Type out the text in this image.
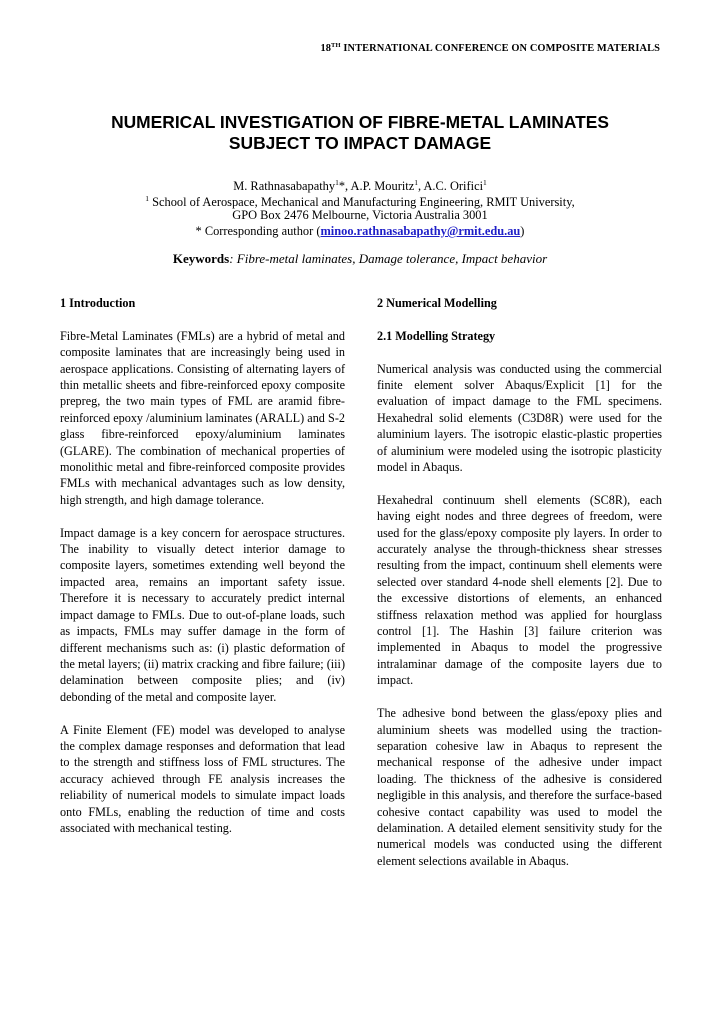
18TH INTERNATIONAL CONFERENCE ON COMPOSITE MATERIALS
NUMERICAL INVESTIGATION OF FIBRE-METAL LAMINATES
SUBJECT TO IMPACT DAMAGE
M. Rathnasabapathy$^1$*, A.P. Mouritz$^1$, A.C. Orifici$^1$
$^1$ School of Aerospace, Mechanical and Manufacturing Engineering, RMIT University,
GPO Box 2476 Melbourne, Victoria Australia 3001
* Corresponding author (minoo.rathnasabapathy@rmit.edu.au)
Keywords: Fibre-metal laminates, Damage tolerance, Impact behavior
1 Introduction

Fibre-Metal Laminates (FMLs) are a hybrid of metal and composite laminates that are increasingly being used in aerospace applications. Consisting of alternating layers of thin metallic sheets and fibre-reinforced epoxy composite prepreg, the two main types of FML are aramid fibre-reinforced epoxy /aluminium laminates (ARALL) and S-2 glass fibre-reinforced epoxy/aluminium laminates (GLARE). The combination of mechanical properties of monolithic metal and fibre-reinforced composite provides FMLs with mechanical advantages such as low density, high strength, and high damage tolerance.

Impact damage is a key concern for aerospace structures. The inability to visually detect interior damage to composite layers, sometimes extending well beyond the impacted area, remains an important safety issue. Therefore it is necessary to accurately predict internal impact damage to FMLs. Due to out-of-plane loads, such as impacts, FMLs may suffer damage in the form of different mechanisms such as: (i) plastic deformation of the metal layers; (ii) matrix cracking and fibre failure; (iii) delamination between composite plies; and (iv) debonding of the metal and composite layer.

A Finite Element (FE) model was developed to analyse the complex damage responses and deformation that lead to the strength and stiffness loss of FML structures. The accuracy achieved through FE analysis increases the reliability of numerical models to simulate impact loads onto FMLs, enabling the reduction of time and costs associated with mechanical testing.

2 Numerical Modelling
2.1 Modelling Strategy

Numerical analysis was conducted using the commercial finite element solver Abaqus/Explicit [1] for the evaluation of impact damage to the FML specimens. Hexahedral solid elements (C3D8R) were used for the aluminium layers. The isotropic elastic-plastic properties of aluminium were modeled using the isotropic plasticity model in Abaqus.

Hexahedral continuum shell elements (SC8R), each having eight nodes and three degrees of freedom, were used for the glass/epoxy composite ply layers. In order to accurately analyse the through-thickness shear stresses resulting from the impact, continuum shell elements were selected over standard 4-node shell elements [2]. Due to the excessive distortions of elements, an enhanced stiffness relaxation method was applied for hourglass control [1]. The Hashin [3] failure criterion was implemented in Abaqus to model the progressive intralaminar damage of the composite layers due to impact.

The adhesive bond between the glass/epoxy plies and aluminium sheets was modelled using the traction-separation cohesive law in Abaqus to represent the mechanical response of the adhesive under impact loading. The thickness of the adhesive is considered negligible in this analysis, and therefore the surface-based cohesive contact capability was used to model the delamination. A detailed element sensitivity study for the numerical models was conducted using the different element selections available in Abaqus.
